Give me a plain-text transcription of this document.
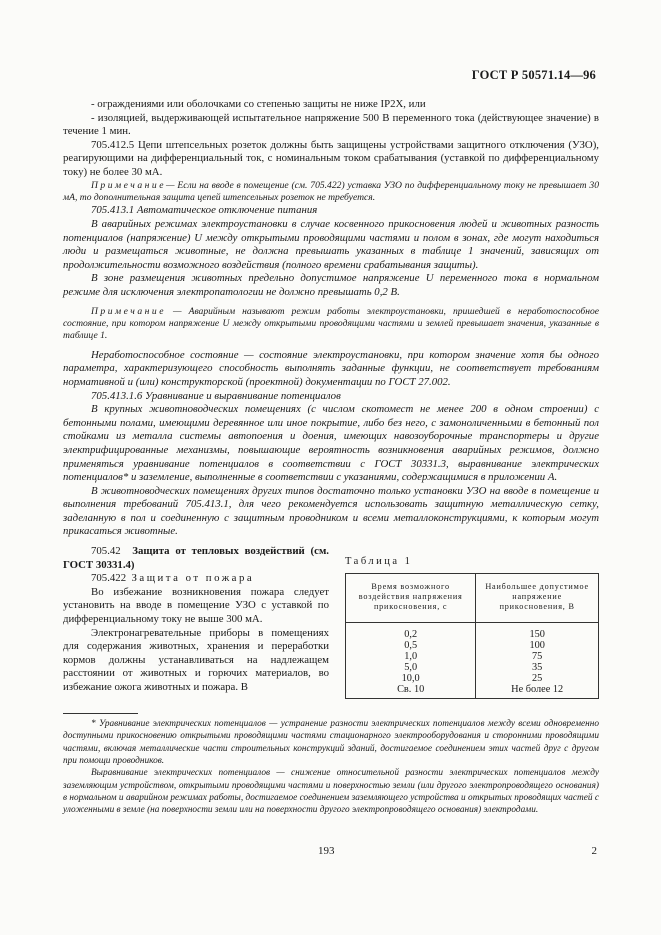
ГОСТ Р 50571.14—96

- ограждениями или оболочками со степенью защиты не ниже IP2X, или

- изоляцией, выдерживающей испытательное напряжение 500 В переменного тока (действующее значение) в течение 1 мин.

705.412.5 Цепи штепсельных розеток должны быть защищены устройствами защитного отключения (УЗО), реагирующими на дифференциальный ток, с номинальным током срабатывания (уставкой по дифференциальному току) не более 30 мА.

Примечание— Если на вводе в помещение (см. 705.422) уставка УЗО по дифференциальному току не превышает 30 мА, то дополнительная защита цепей штепсельных розеток не требуется.

705.413.1 Автоматическое отключение питания

В аварийных режимах электроустановки в случае косвенного прикосновения людей и животных разность потенциалов (напряжение) U между открытыми проводящими частями и полом в зонах, где могут находиться люди и размещаться животные, не должна превышать указанных в таблице 1 значений, зависящих от продолжительности возможного воздействия (полного времени срабатывания защиты).

В зоне размещения животных предельно допустимое напряжение U переменного тока в нормальном режиме для исключения электропатологии не должно превышать 0,2 В.

Примечание — Аварийным называют режим работы электроустановки, пришедшей в неработоспособное состояние, при котором напряжение U между открытыми проводящими частями и землей превышает значения, указанные в таблице 1.

Неработоспособное состояние — состояние электроустановки, при котором значение хотя бы одного параметра, характеризующего способность выполнять заданные функции, не соответствует требованиям нормативной и (или) конструкторской (проектной) документации по ГОСТ 27.002.

705.413.1.6 Уравнивание и выравнивание потенциалов

В крупных животноводческих помещениях (с числом скотомест не менее 200 в одном строении) с бетонными полами, имеющими деревянное или иное покрытие, либо без него, с замоноличенными в бетонный пол стойками из металла системы автопоения и доения, имеющих навозоуборочные транспортеры и другие электрифицированные механизмы, повышающие вероятность возникновения аварийных режимов, должно применяться уравнивание потенциалов в соответствии с ГОСТ 30331.3, выравнивание электрических потенциалов* и заземление, выполненные в соответствии с указаниями, содержащимися в приложении А.

В животноводческих помещениях других типов достаточно только установки УЗО на вводе в помещение и выполнения требований 705.413.1, для чего рекомендуется использовать защитную металлическую сетку, заделанную в пол и соединенную с защитным проводником и всеми металлоконструкциями, к которым могут прикасаться животные.

705.42 Защита от тепловых воздействий (см. ГОСТ 30331.4)

705.422 Защита от пожара

Во избежание возникновения пожара следует установить на вводе в помещение УЗО с уставкой по дифференциальному току не выше 300 мА.

Электронагревательные приборы в помещениях для содержания животных, хранения и переработки кормов должны устанавливаться на надлежащем расстоянии от животных и горючих материалов, во избежание ожога животных и пожара. В

Таблица 1
Время возможного воздействия напряжения прикосновения, с	Наибольшее допустимое напряжение прикосновения, В
0,2	150
0,5	100
1,0	75
5,0	35
10,0	25
Св. 10	Не более 12

* Уравнивание электрических потенциалов — устранение разности электрических потенциалов между всеми одновременно доступными прикосновению открытыми проводящими частями стационарного электрооборудования и сторонними проводящими частями, включая металлические части строительных конструкций зданий, достигаемое соединением этих частей друг с другом при помощи проводников.

Выравнивание электрических потенциалов — снижение относительной разности электрических потенциалов между заземляющим устройством, открытыми проводящими частями и поверхностью земли (или другого электропроводящего основания) в нормальном и аварийном режимах работы, достигаемое соединением заземляющего устройства и открытых проводящих частей с уложенными в земле (на поверхности земли или на поверхности другого электропроводящего основания) электродами.

193	2
